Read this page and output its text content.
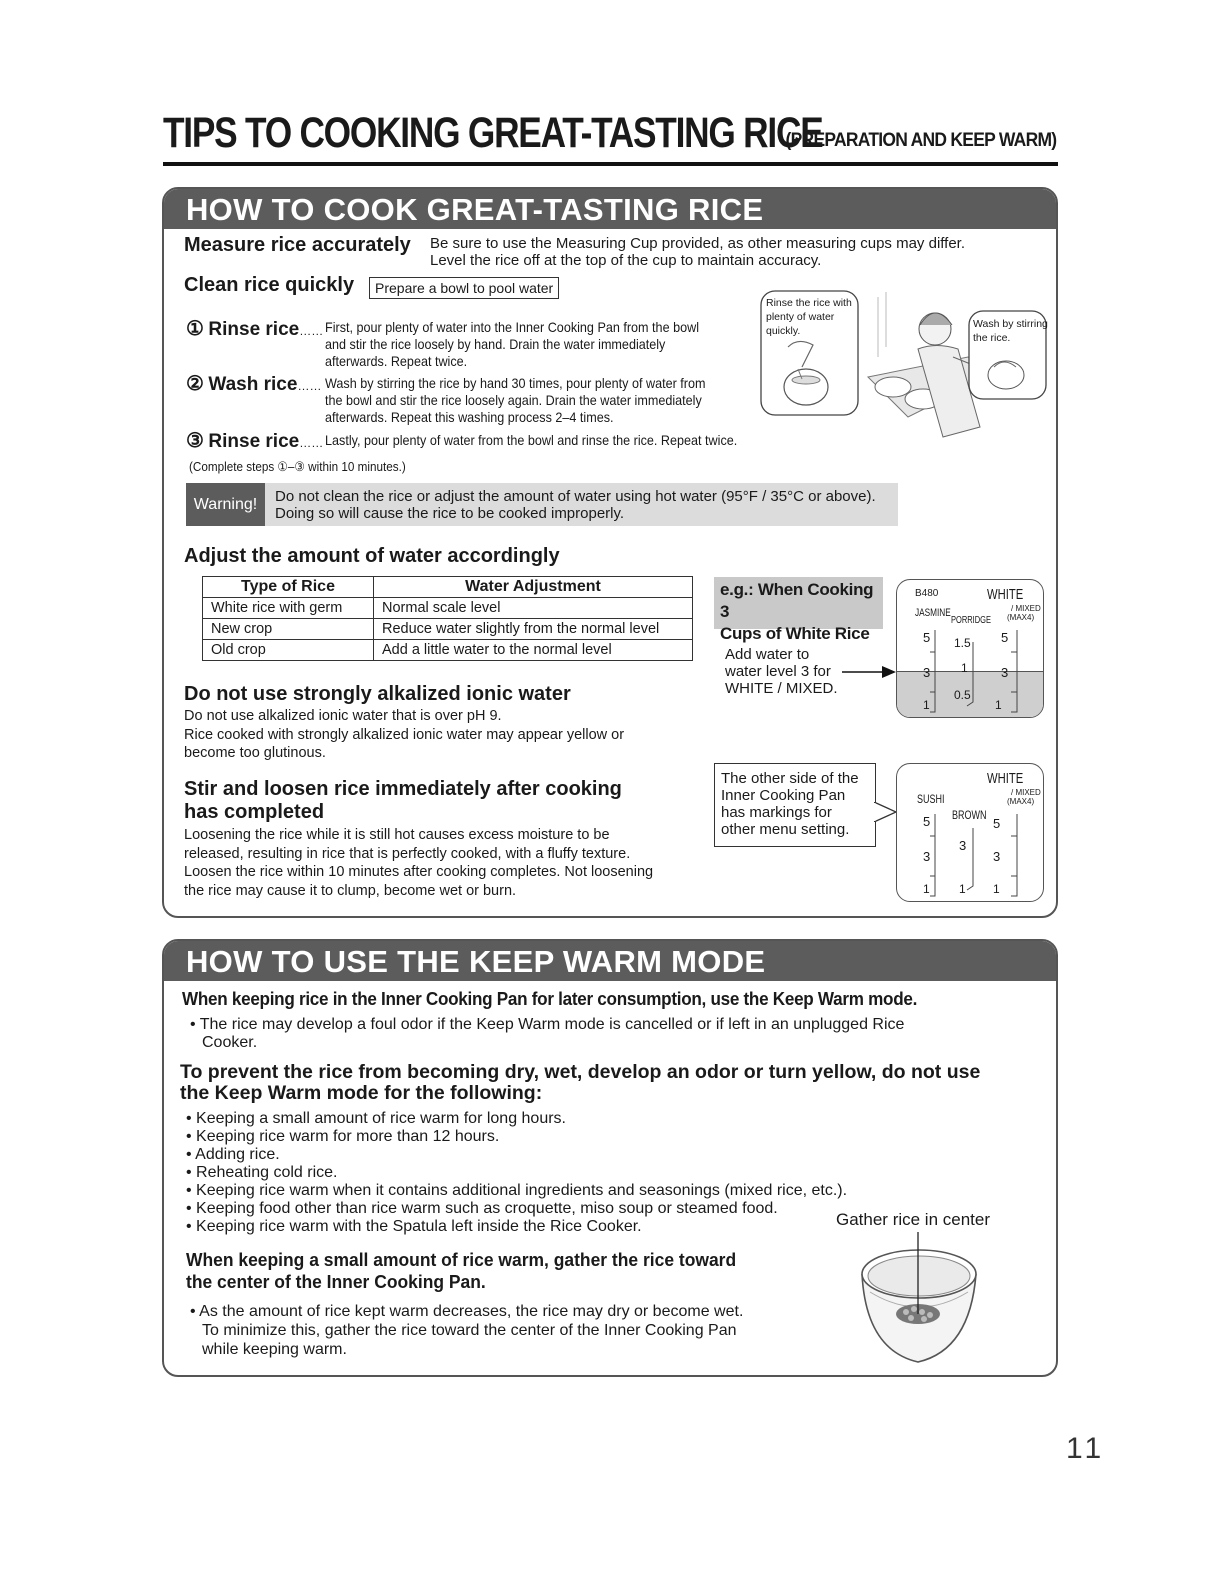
TIPS TO COOKING GREAT-TASTING RICE
(PREPARATION AND KEEP WARM)
HOW TO COOK GREAT-TASTING RICE
Measure rice accurately Be sure to use the Measuring Cup provided, as other measuring cups may differ.
Level the rice off at the top of the cup to maintain accuracy.
Clean rice quickly	Prepare a bowl to pool water
① Rinse rice…… First, pour plenty of water into the Inner Cooking Pan from the bowl
and stir the rice loosely by hand. Drain the water immediately
afterwards. Repeat twice.
② Wash rice…… Wash by stirring the rice by hand 30 times, pour plenty of water from
the bowl and stir the rice loosely again. Drain the water immediately
afterwards. Repeat this washing process 2–4 times.
③ Rinse rice…… Lastly, pour plenty of water from the bowl and rinse the rice. Repeat twice.
(Complete steps ①–③ within 10 minutes.)
Rinse the rice with plenty of water quickly.
Wash by stirring the rice.
Warning!	Do not clean the rice or adjust the amount of water using hot water (95°F / 35°C or above).
Doing so will cause the rice to be cooked improperly.
Adjust the amount of water accordingly
Type of Rice	Water Adjustment
White rice with germ	Normal scale level
New crop	Reduce water slightly from the normal level
Old crop	Add a little water to the normal level
Do not use strongly alkalized ionic water
Do not use alkalized ionic water that is over pH 9.
Rice cooked with strongly alkalized ionic water may appear yellow or
become too glutinous.
Stir and loosen rice immediately after cooking
has completed
Loosening the rice while it is still hot causes excess moisture to be
released, resulting in rice that is perfectly cooked, with a fluffy texture.
Loosen the rice within 10 minutes after cooking completes. Not loosening
the rice may cause it to clump, become wet or burn.
e.g.: When Cooking 3
Cups of White Rice
Add water to
water level 3 for
WHITE / MIXED.
B480	WHITE
/ MIXED
(MAX4)
JASMINE
PORRIDGE
5
3
1
1.5
1
0.5
5
3
1
The other side of the
Inner Cooking Pan
has markings for
other menu setting.
WHITE
/ MIXED
(MAX4)
SUSHI
BROWN
5
3
1
3
1
5
3
1
HOW TO USE THE KEEP WARM MODE
When keeping rice in the Inner Cooking Pan for later consumption, use the Keep Warm mode.
• The rice may develop a foul odor if the Keep Warm mode is cancelled or if left in an unplugged Rice
Cooker.
To prevent the rice from becoming dry, wet, develop an odor or turn yellow, do not use
the Keep Warm mode for the following:
• Keeping a small amount of rice warm for long hours.
• Keeping rice warm for more than 12 hours.
• Adding rice.
• Reheating cold rice.
• Keeping rice warm when it contains additional ingredients and seasonings (mixed rice, etc.).
• Keeping food other than rice warm such as croquette, miso soup or steamed food.
• Keeping rice warm with the Spatula left inside the Rice Cooker.	Gather rice in center
When keeping a small amount of rice warm, gather the rice toward
the center of the Inner Cooking Pan.
• As the amount of rice kept warm decreases, the rice may dry or become wet.
To minimize this, gather the rice toward the center of the Inner Cooking Pan
while keeping warm.
11
